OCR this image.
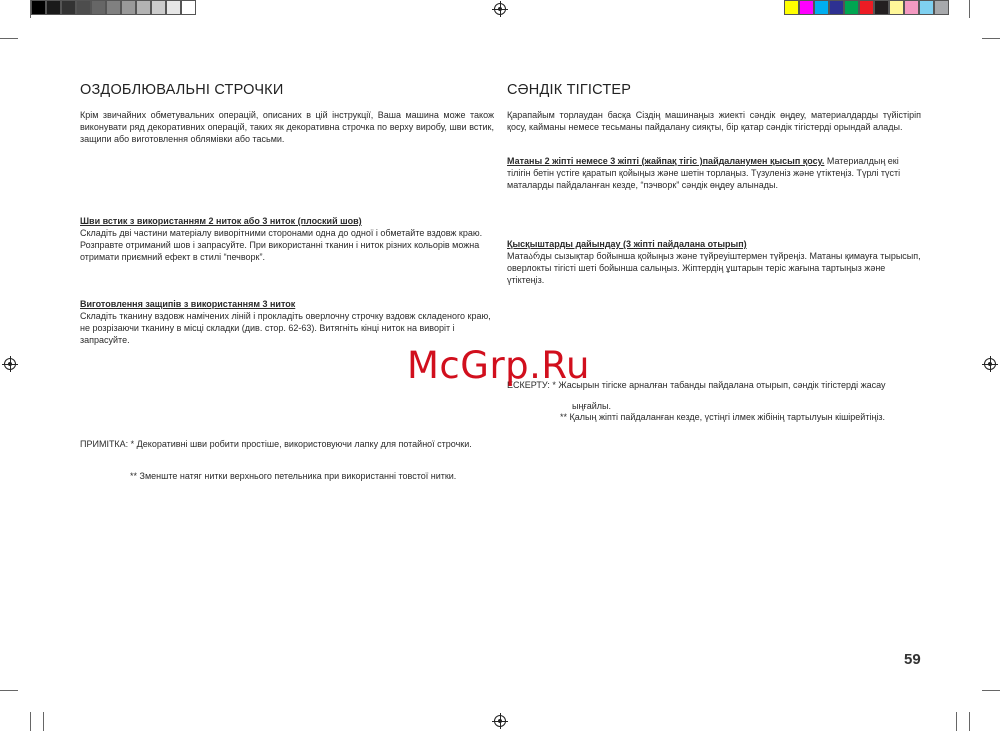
ОЗДОБЛЮВАЛЬНІ СТРОЧКИ
Крім звичайних обметувальних операцій, описаних в цій інструкції, Ваша машина може також виконувати ряд декоративних операцій, таких як декоративна строчка по верху виробу, шви встик, защипи або виготовлення облямівки або тасьми.
Шви встик з використанням 2 ниток або 3 ниток (плоский шов)
Складіть дві частини матеріалу виворітними сторонами одна до одної і обметайте вздовж краю. Розправте отриманий шов і запрасуйте. При використанні тканин і ниток різних кольорів можна отримати приємний ефект в стилі “печворк”.
Виготовлення защипів з використанням 3 ниток
Складіть тканину вздовж намічених ліній і прокладіть оверлочну строчку вздовж складеного краю, не розрізаючи тканину в місці складки (див. стор. 62-63). Витягніть кінці ниток на виворіт і запрасуйте.
ПРИМІТКА: * Декоративні шви робити простіше, використовуючи лапку для потайної строчки.
** Зменште натяг нитки верхнього петельника при використанні товстої нитки.
СӘНДІК ТІГІСТЕР
Қарапайым торлаудан басқа Сіздің машинаңыз жиекті сәндік өңдеу, материалдарды түйістіріп қосу, кайманы немесе тесьманы пайдалану сияқты, бір қатар сәндік тігістерді орындай алады.
Матаны 2 жіпті немесе 3 жіпті (жайпақ тігіс )пайдаланумен қысып қосу. Материалдың екі тілігін бетін үстіге қаратып қойыңыз және шетін торлаңыз. Түзуленіз және үтіктеңіз. Түрлі түсті маталарды пайдаланған кезде, “пэчворк” сәндік өңдеу алынады.
Қысқыштарды дайындау (3 жіпті пайдалана отырып)
Матаარды сызықтар бойынша қойыңыз және түйреуіштермен түйреңіз. Матаны қимауға тырысып, оверлокты тігісті шеті бойынша салыңыз. Жіптердің ұштарын теріс жағына тартыңыз және үтіктеңіз.
ЕСКЕРТУ: * Жасырын тігіске арналған табанды пайдалана отырып, сәндік тігістерді жасау
ыңғайлы.
** Қалың жіпті пайдаланған кезде, үстіңгі ілмек жібінің тартылуын кішірейтіңіз.
McGrp.Ru
59
